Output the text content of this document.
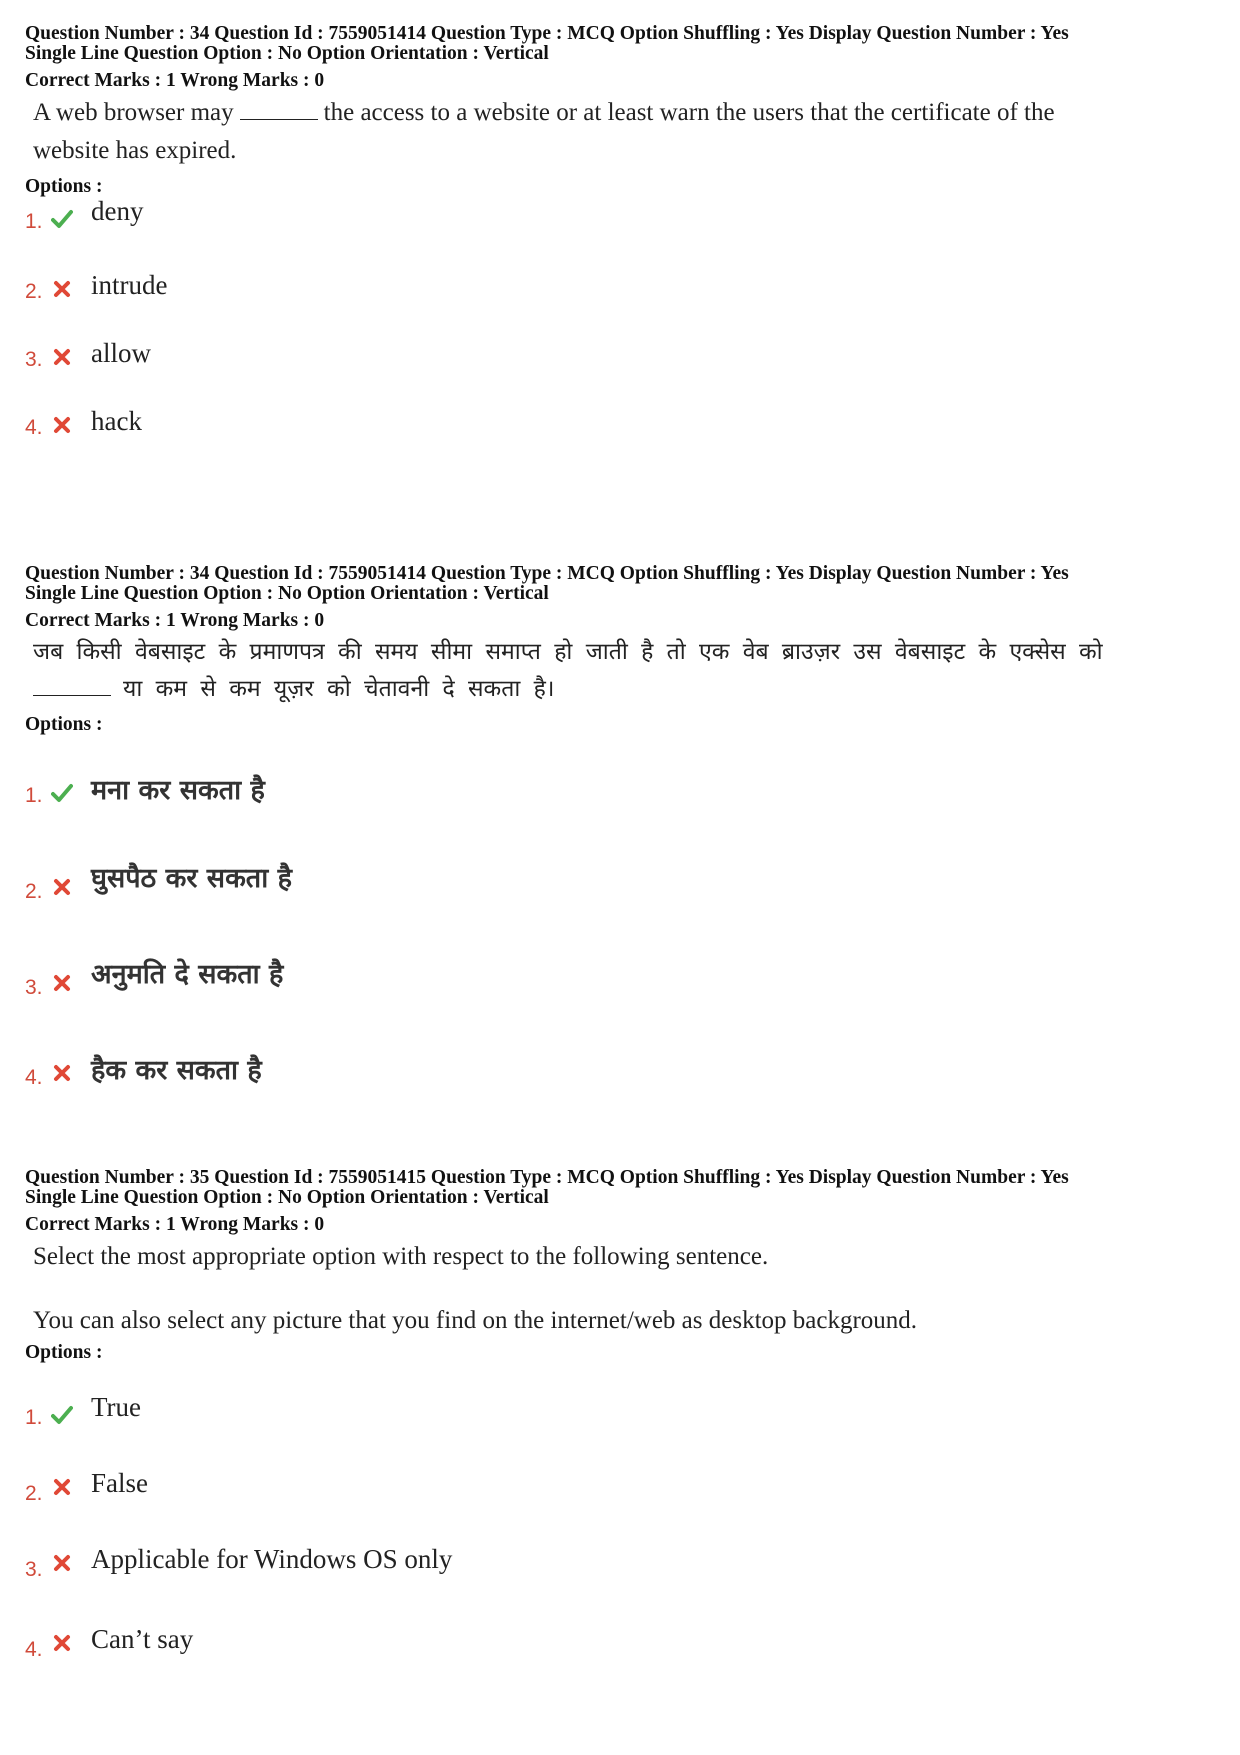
Question Number : 34 Question Id : 7559051414 Question Type : MCQ Option Shuffling : Yes Display Question Number : Yes
Single Line Question Option : No Option Orientation : Vertical
Correct Marks : 1 Wrong Marks : 0
A web browser may	the access to a website or at least warn the users that the certificate of the website has expired.
Options :
1. deny
2. intrude
3. allow
4. hack
Question Number : 34 Question Id : 7559051414 Question Type : MCQ Option Shuffling : Yes Display Question Number : Yes
Single Line Question Option : No Option Orientation : Vertical
Correct Marks : 1 Wrong Marks : 0

जब किसी वेबसाइट के प्रमाणपत्र की समय सीमा समाप्त हो जाती है तो एक वेब ब्राउज़र उस वेबसाइट के एक्सेस को

या कम से कम यूज़र को चेतावनी दे सकता है।

Options :
1. मना कर सकता है
2. घुसपैठ कर सकता है
3. अनुमति दे सकता है
4. हैक कर सकता है
Question Number : 35 Question Id : 7559051415 Question Type : MCQ Option Shuffling : Yes Display Question Number : Yes
Single Line Question Option : No Option Orientation : Vertical
Correct Marks : 1 Wrong Marks : 0

Select the most appropriate option with respect to the following sentence.

You can also select any picture that you find on the internet/web as desktop background.

Options :
1. True
2. False
3. Applicable for Windows OS only
4. Can’t say
